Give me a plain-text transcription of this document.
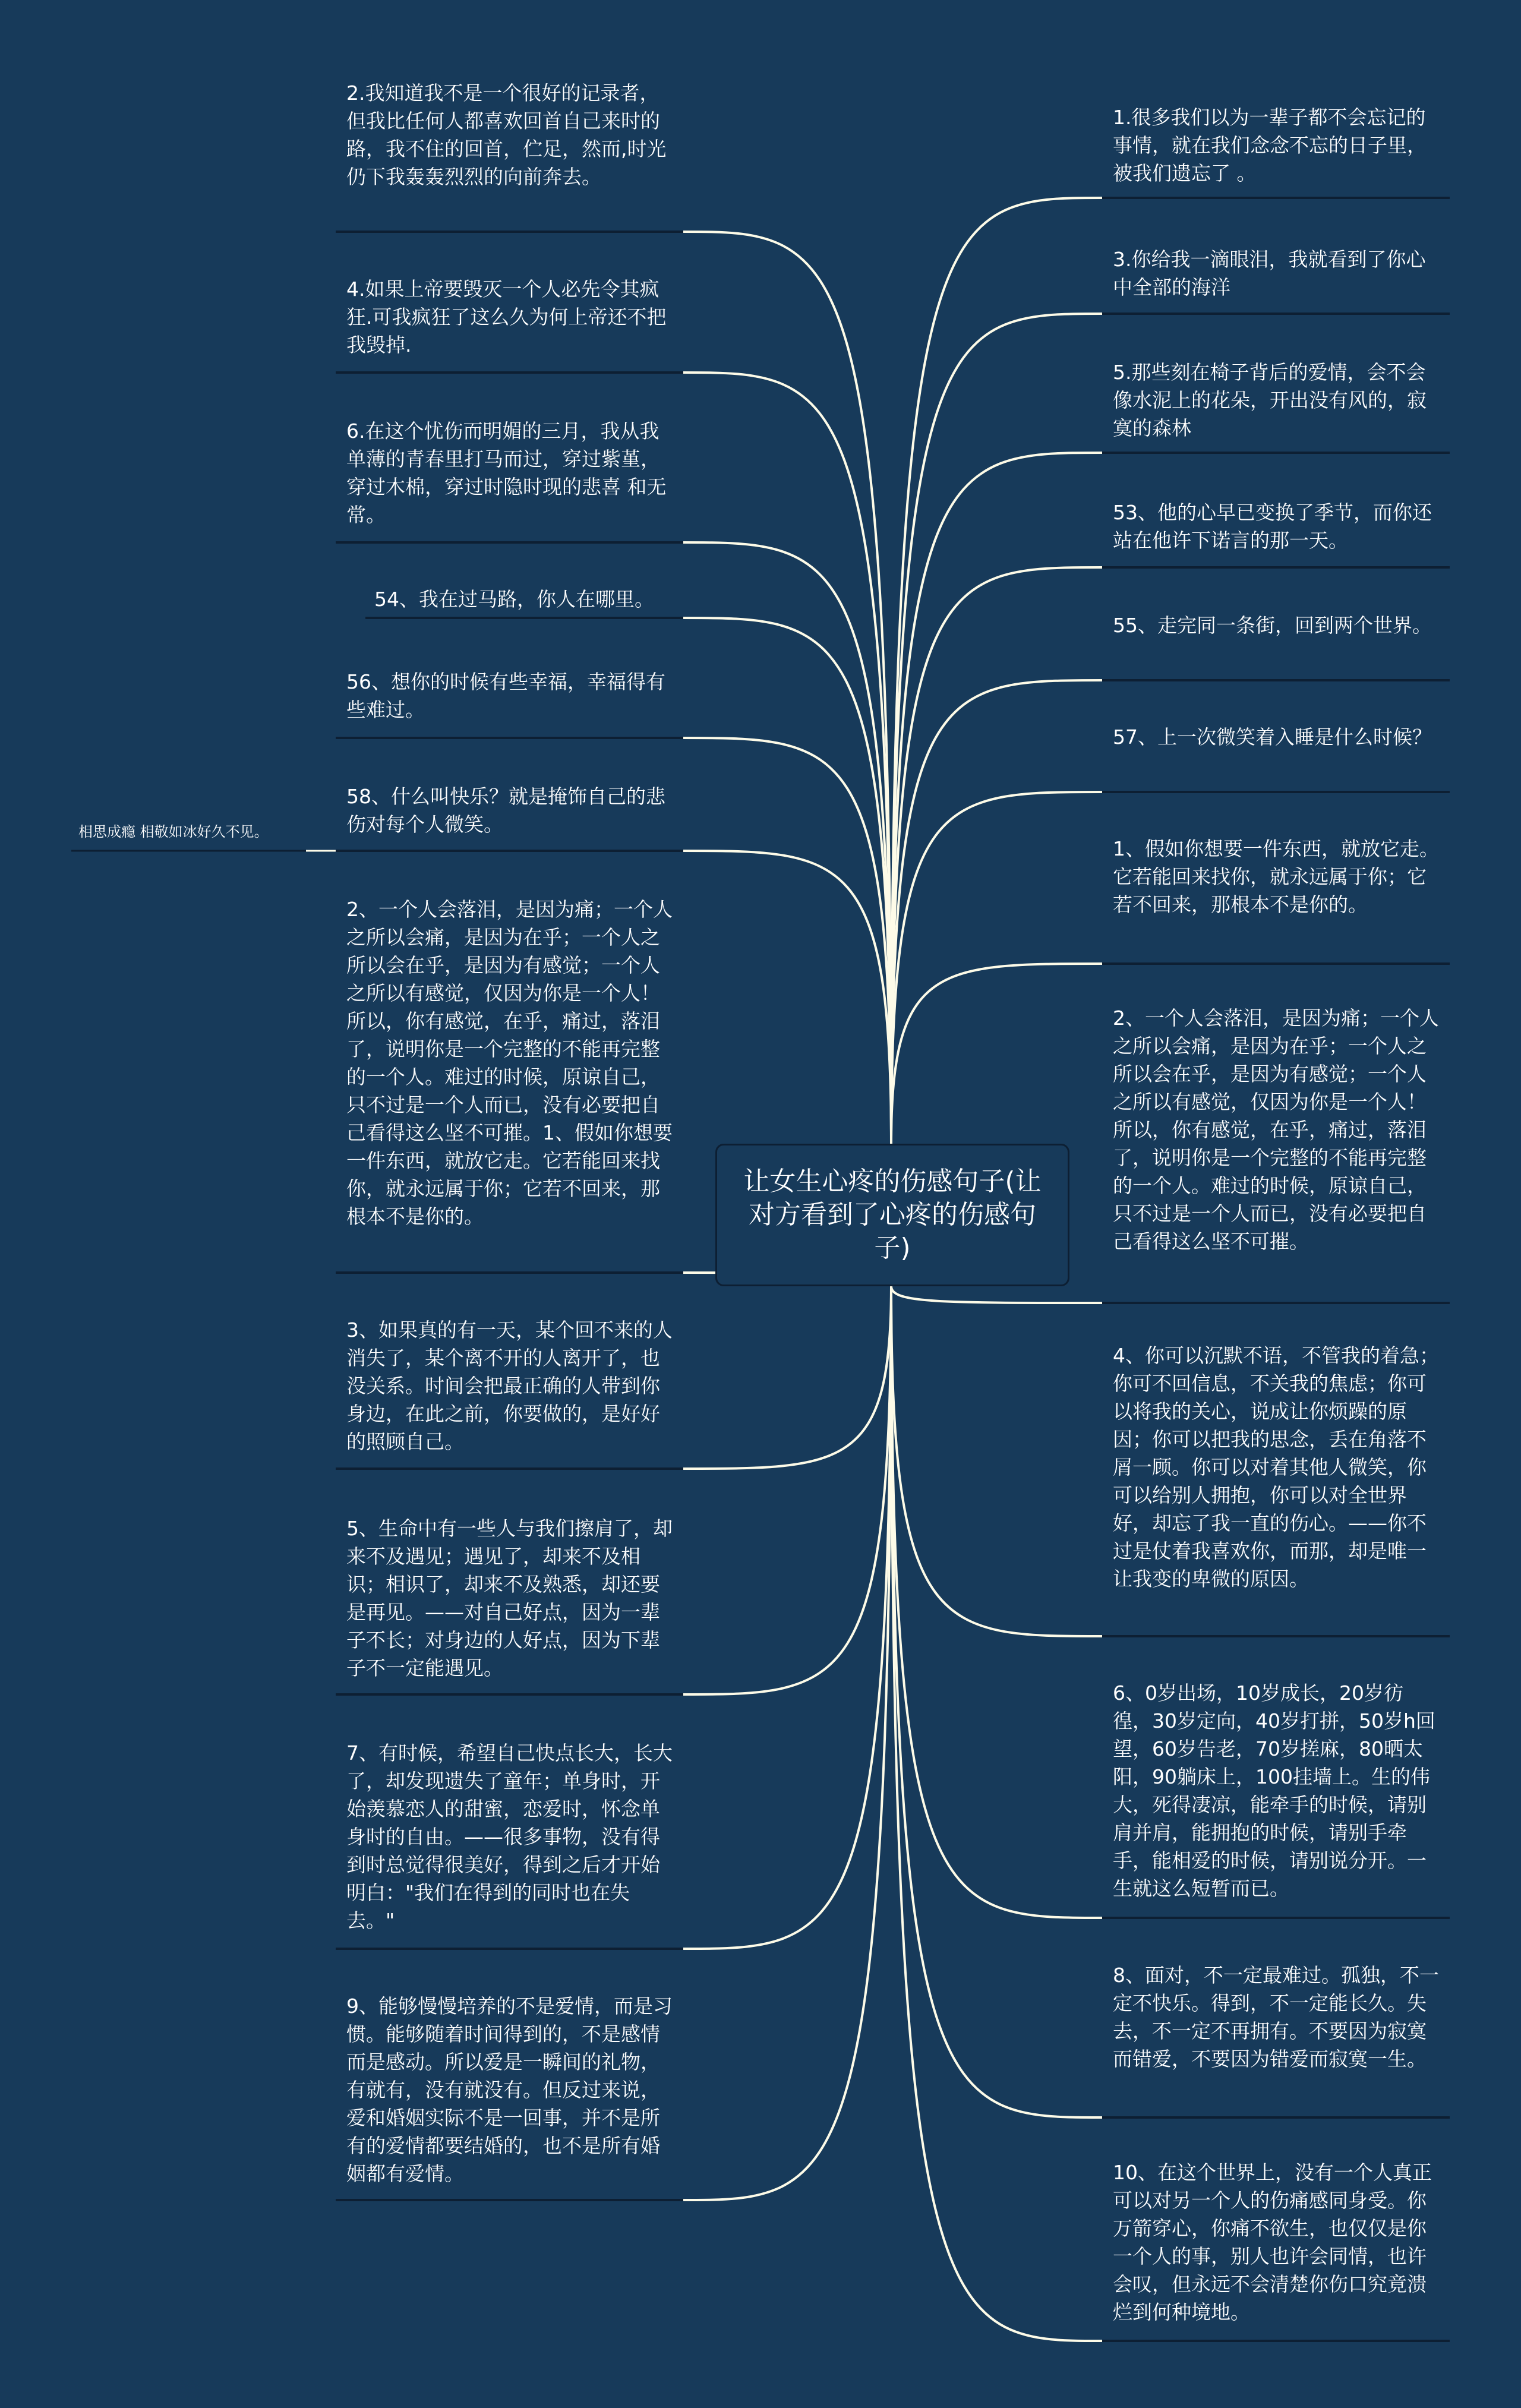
2.我知道我不是一个很好的记录者，但我比任何人都喜欢回首自己来时的路，我不住的回首，伫足，然而,时光仍下我轰轰烈烈的向前奔去。
4.如果上帝要毁灭一个人必先令其疯狂.可我疯狂了这么久为何上帝还不把我毁掉.
6.在这个忧伤而明媚的三月，我从我单薄的青春里打马而过，穿过紫堇，穿过木棉，穿过时隐时现的悲喜 和无常。
54、我在过马路，你人在哪里。
56、想你的时候有些幸福，幸福得有些难过。
58、什么叫快乐？就是掩饰自己的悲伤对每个人微笑。
2、一个人会落泪，是因为痛；一个人之所以会痛，是因为在乎；一个人之所以会在乎，是因为有感觉；一个人之所以有感觉，仅因为你是一个人！所以，你有感觉，在乎，痛过，落泪了，说明你是一个完整的不能再完整的一个人。难过的时候，原谅自己，只不过是一个人而已，没有必要把自己看得这么坚不可摧。1、假如你想要一件东西，就放它走。它若能回来找你，就永远属于你；它若不回来，那根本不是你的。
3、如果真的有一天，某个回不来的人消失了，某个离不开的人离开了，也没关系。时间会把最正确的人带到你身边，在此之前，你要做的，是好好的照顾自己。
5、生命中有一些人与我们擦肩了，却来不及遇见；遇见了，却来不及相识；相识了，却来不及熟悉，却还要是再见。——对自己好点，因为一辈子不长；对身边的人好点，因为下辈子不一定能遇见。
7、有时候，希望自己快点长大，长大了，却发现遗失了童年；单身时，开始羡慕恋人的甜蜜，恋爱时，怀念单身时的自由。——很多事物，没有得到时总觉得很美好，得到之后才开始明白："我们在得到的同时也在失去。"
9、能够慢慢培养的不是爱情，而是习惯。能够随着时间得到的，不是感情而是感动。所以爱是一瞬间的礼物，有就有，没有就没有。但反过来说，爱和婚姻实际不是一回事，并不是所有的爱情都要结婚的，也不是所有婚姻都有爱情。
相思成瘾 相敬如冰好久不见。
1.很多我们以为一辈子都不会忘记的事情，就在我们念念不忘的日子里，被我们遗忘了 。
3.你给我一滴眼泪，我就看到了你心中全部的海洋
5.那些刻在椅子背后的爱情，会不会像水泥上的花朵，开出没有风的，寂寞的森林
53、他的心早已变换了季节，而你还站在他许下诺言的那一天。
55、走完同一条街，回到两个世界。
57、上一次微笑着入睡是什么时候？
1、假如你想要一件东西，就放它走。它若能回来找你，就永远属于你；它若不回来，那根本不是你的。
2、一个人会落泪，是因为痛；一个人之所以会痛，是因为在乎；一个人之所以会在乎，是因为有感觉；一个人之所以有感觉，仅因为你是一个人！所以，你有感觉，在乎，痛过，落泪了，说明你是一个完整的不能再完整的一个人。难过的时候，原谅自己，只不过是一个人而已，没有必要把自己看得这么坚不可摧。
4、你可以沉默不语，不管我的着急；你可不回信息，不关我的焦虑；你可以将我的关心，说成让你烦躁的原因；你可以把我的思念，丢在角落不屑一顾。你可以对着其他人微笑，你可以给别人拥抱，你可以对全世界好，却忘了我一直的伤心。——你不过是仗着我喜欢你，而那，却是唯一让我变的卑微的原因。
6、0岁出场，10岁成长，20岁彷徨，30岁定向，40岁打拼，50岁h回望，60岁告老，70岁搓麻，80晒太阳，90躺床上，100挂墙上。生的伟大，死得凄凉，能牵手的时候，请别肩并肩，能拥抱的时候，请别手牵手，能相爱的时候，请别说分开。一生就这么短暂而已。
8、面对，不一定最难过。孤独，不一定不快乐。得到，不一定能长久。失去，不一定不再拥有。不要因为寂寞而错爱，不要因为错爱而寂寞一生。
10、在这个世界上，没有一个人真正可以对另一个人的伤痛感同身受。你万箭穿心，你痛不欲生，也仅仅是你一个人的事，别人也许会同情，也许会叹，但永远不会清楚你伤口究竟溃烂到何种境地。
让女生心疼的伤感句子(让对方看到了心疼的伤感句子)
